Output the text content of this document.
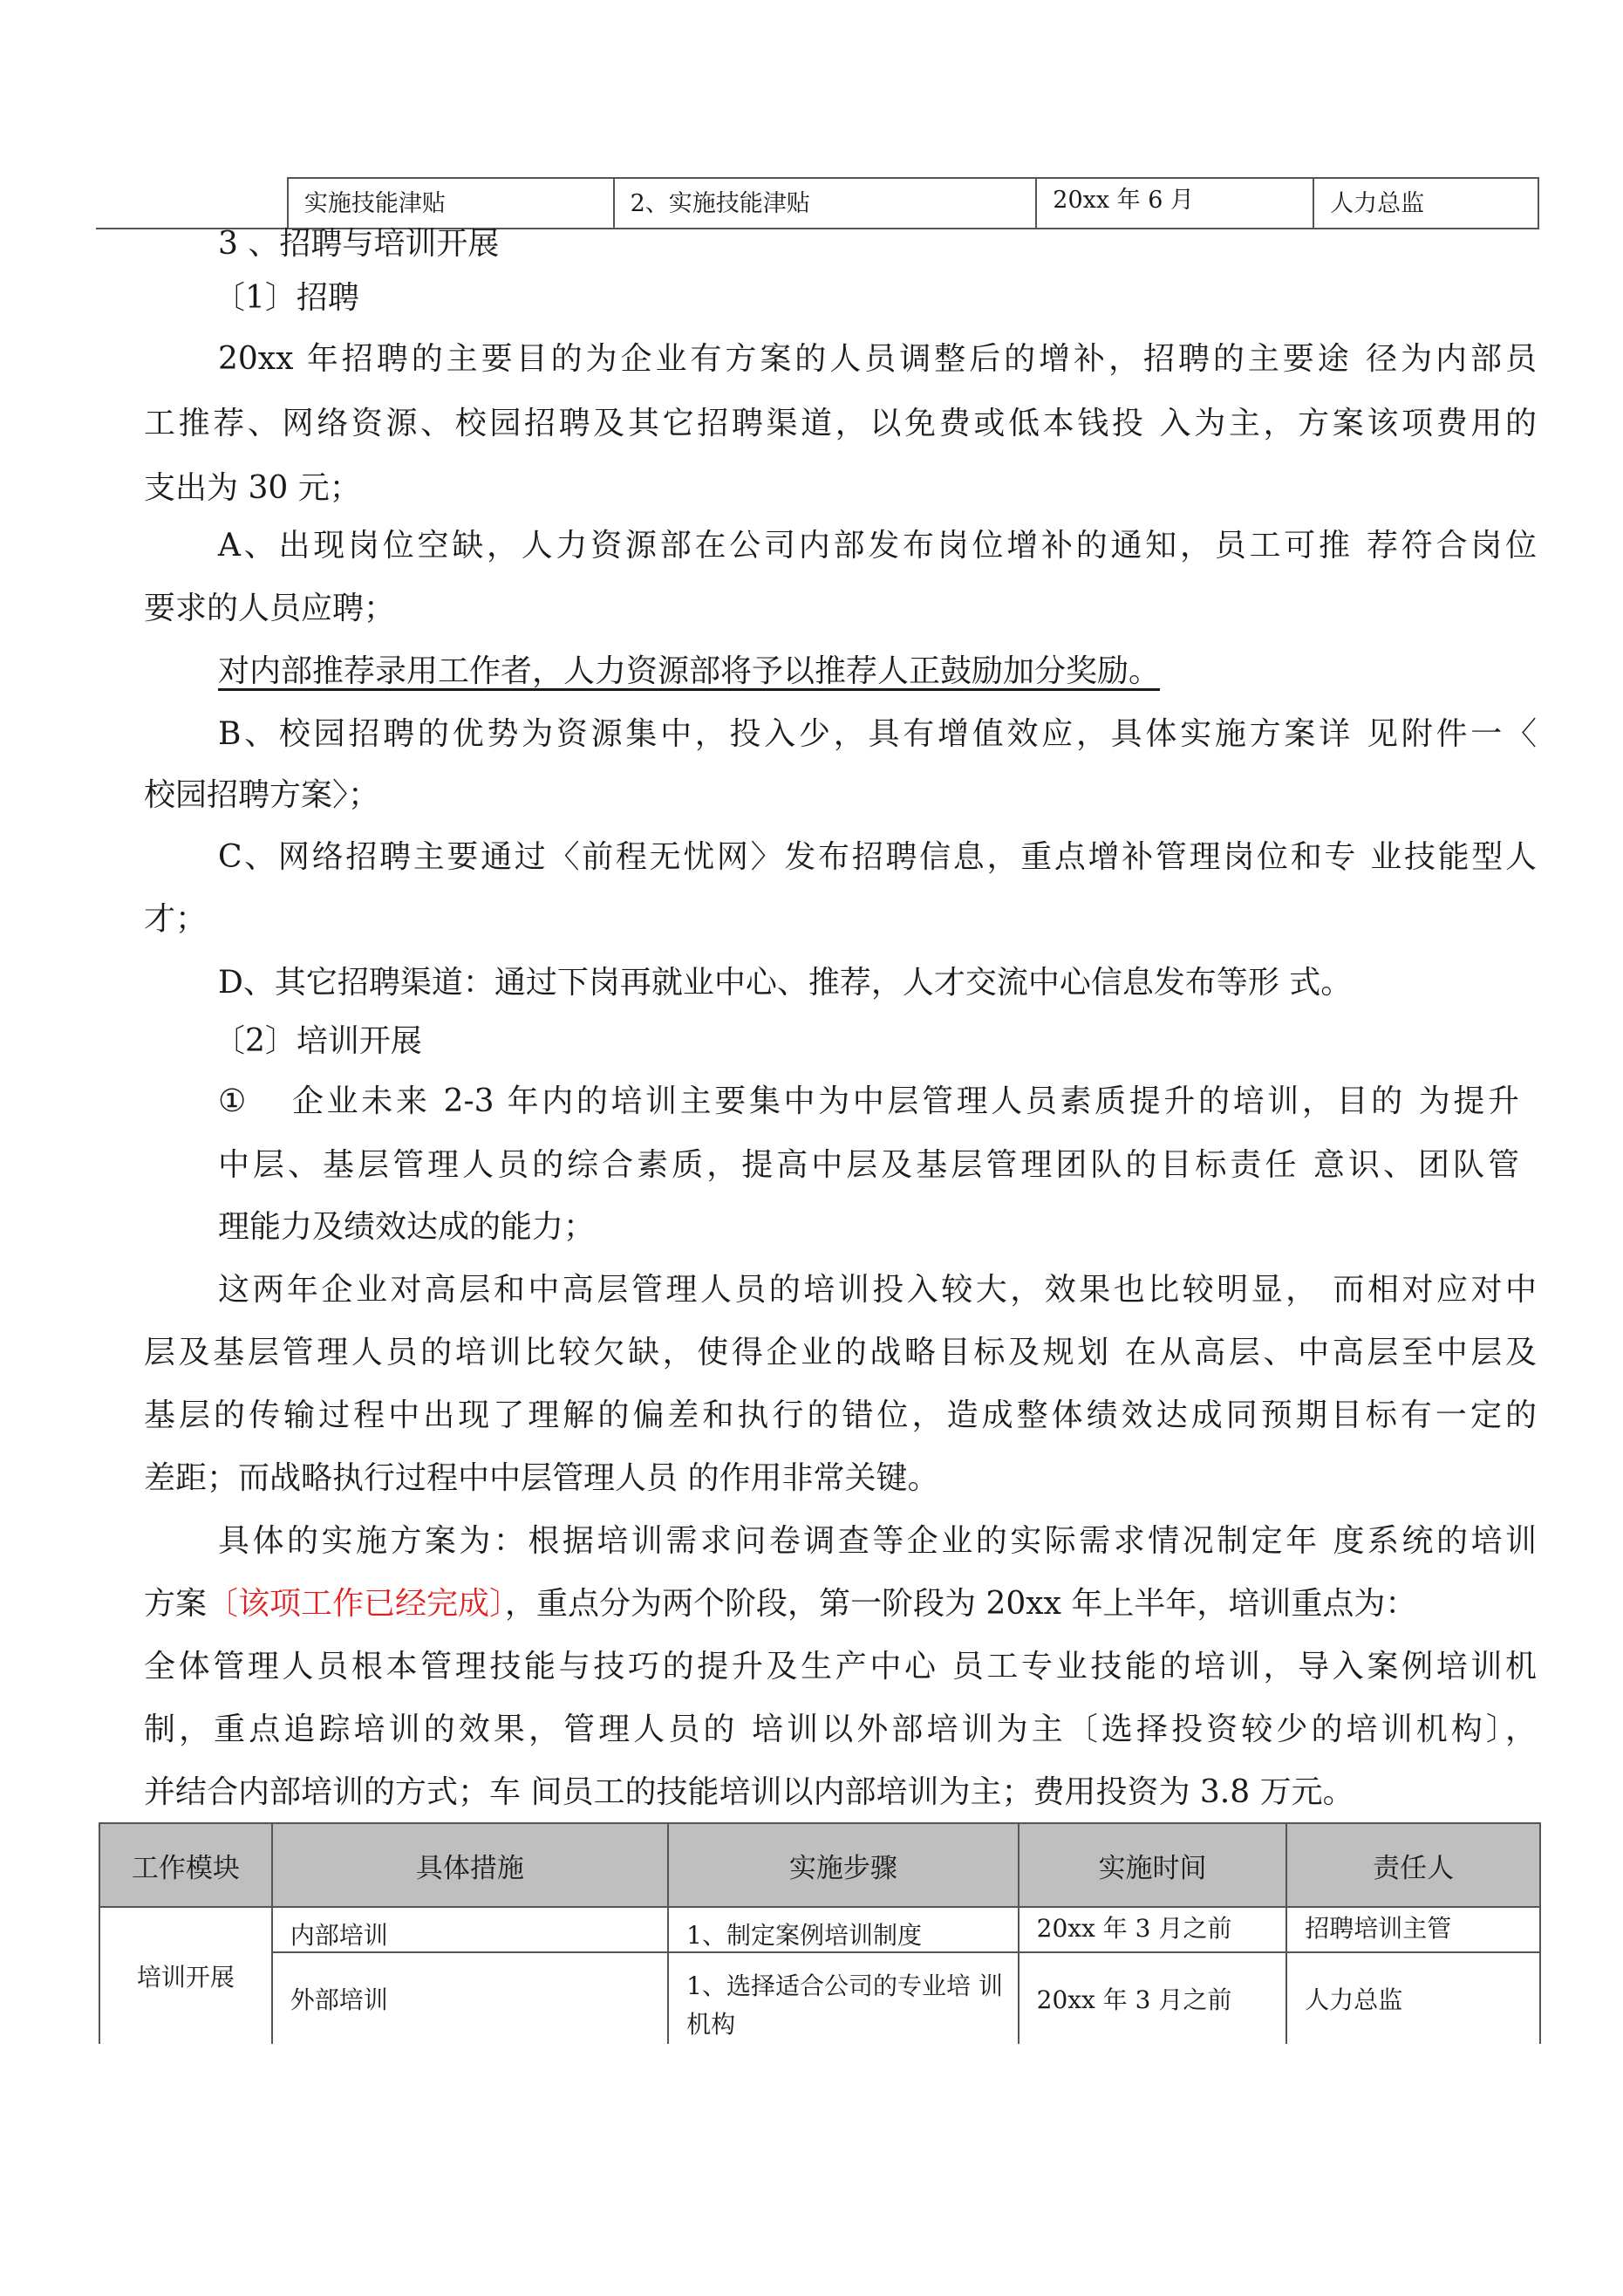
	实施技能津贴	2、实施技能津贴	20xx 年 6 月	人力总监
3 、招聘与培训开展
〔1〕招聘
20xx 年招聘的主要目的为企业有方案的人员调整后的增补，招聘的主要途 径为内部员
工推荐、网络资源、校园招聘及其它招聘渠道，以免费或低本钱投 入为主，方案该项费用的
支出为 30 元；
A、出现岗位空缺，人力资源部在公司内部发布岗位增补的通知，员工可推 荐符合岗位
要求的人员应聘；
对内部推荐录用工作者，人力资源部将予以推荐人正鼓励加分奖励。
B、校园招聘的优势为资源集中，投入少，具有增值效应，具体实施方案详 见附件一〈
校园招聘方案〉；
C、网络招聘主要通过〈前程无忧网〉发布招聘信息，重点增补管理岗位和专 业技能型人
才；
D、其它招聘渠道：通过下岗再就业中心、推荐，人才交流中心信息发布等形 式。
〔2〕培训开展
① 企业未来 2-3 年内的培训主要集中为中层管理人员素质提升的培训，目的 为提升
中层、基层管理人员的综合素质，提高中层及基层管理团队的目标责任 意识、团队管
理能力及绩效达成的能力；
这两年企业对高层和中高层管理人员的培训投入较大，效果也比较明显， 而相对应对中
层及基层管理人员的培训比较欠缺，使得企业的战略目标及规划 在从高层、中高层至中层及
基层的传输过程中出现了理解的偏差和执行的错位，造成整体绩效达成同预期目标有一定的
差距；而战略执行过程中中层管理人员 的作用非常关键。
具体的实施方案为：根据培训需求问卷调查等企业的实际需求情况制定年 度系统的培训
方案〔该项工作已经完成〕，重点分为两个阶段，第一阶段为 20xx 年上半年，培训重点为：
全体管理人员根本管理技能与技巧的提升及生产中心 员工专业技能的培训，导入案例培训机
制，重点追踪培训的效果，管理人员的 培训以外部培训为主〔选择投资较少的培训机构〕，
并结合内部培训的方式；车 间员工的技能培训以内部培训为主；费用投资为 3.8 万元。
工作模块	具体措施	实施步骤	实施时间	责任人
培训开展	内部培训	1、制定案例培训制度	20xx 年 3 月之前	招聘培训主管
	外部培训	1、选择适合公司的专业培 训机构	20xx 年 3 月之前	人力总监
